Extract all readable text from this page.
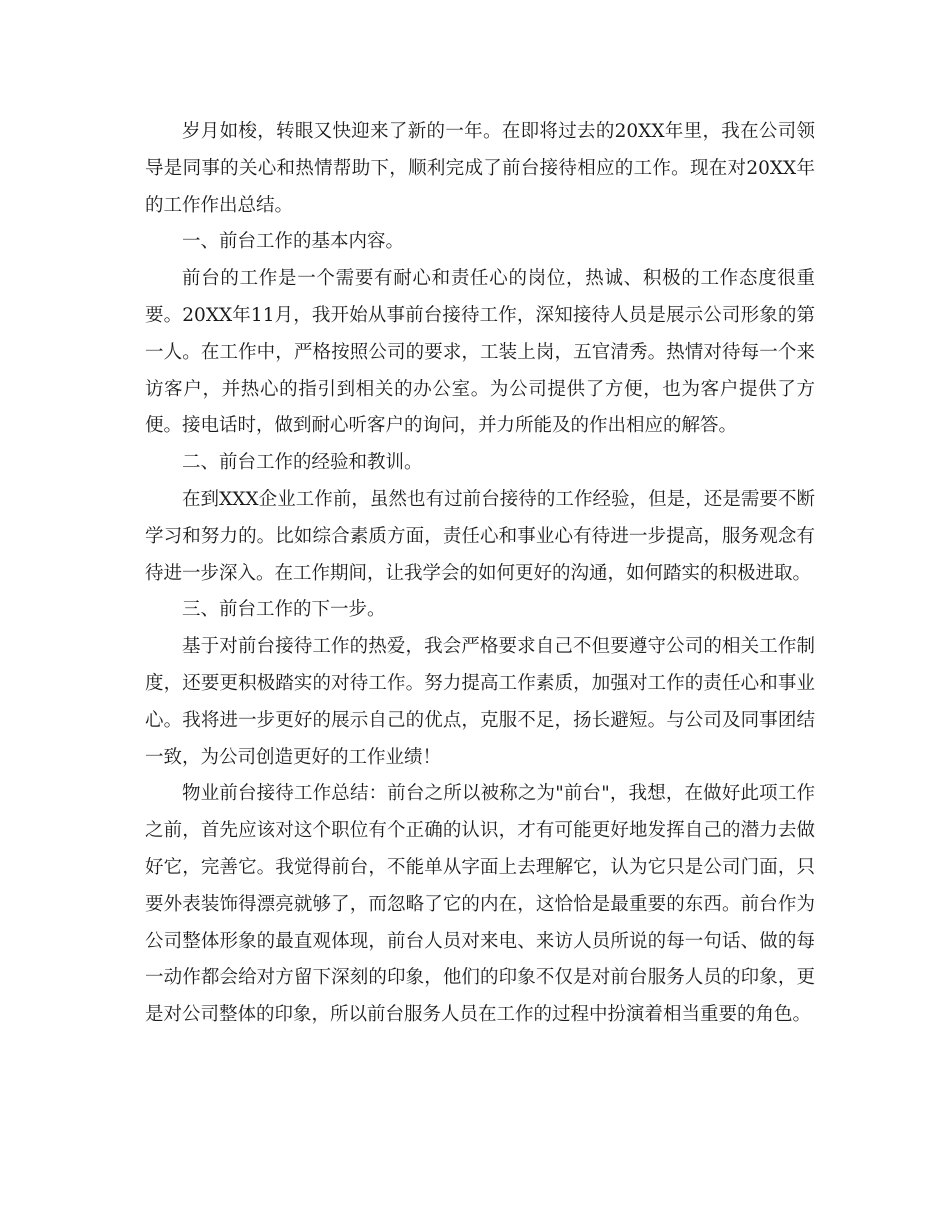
岁月如梭，转眼又快迎来了新的一年。在即将过去的20XX年里，我在公司领导是同事的关心和热情帮助下，顺利完成了前台接待相应的工作。现在对20XX年的工作作出总结。

一、前台工作的基本内容。

前台的工作是一个需要有耐心和责任心的岗位，热诚、积极的工作态度很重要。20XX年11月，我开始从事前台接待工作，深知接待人员是展示公司形象的第一人。在工作中，严格按照公司的要求，工装上岗，五官清秀。热情对待每一个来访客户，并热心的指引到相关的办公室。为公司提供了方便，也为客户提供了方便。接电话时，做到耐心听客户的询问，并力所能及的作出相应的解答。

二、前台工作的经验和教训。

在到XXX企业工作前，虽然也有过前台接待的工作经验，但是，还是需要不断学习和努力的。比如综合素质方面，责任心和事业心有待进一步提高，服务观念有待进一步深入。在工作期间，让我学会的如何更好的沟通，如何踏实的积极进取。

三、前台工作的下一步。

基于对前台接待工作的热爱，我会严格要求自己不但要遵守公司的相关工作制度，还要更积极踏实的对待工作。努力提高工作素质，加强对工作的责任心和事业心。我将进一步更好的展示自己的优点，克服不足，扬长避短。与公司及同事团结一致，为公司创造更好的工作业绩！

物业前台接待工作总结：前台之所以被称之为"前台"，我想，在做好此项工作之前，首先应该对这个职位有个正确的认识，才有可能更好地发挥自己的潜力去做好它，完善它。我觉得前台，不能单从字面上去理解它，认为它只是公司门面，只要外表装饰得漂亮就够了，而忽略了它的内在，这恰恰是最重要的东西。前台作为公司整体形象的最直观体现，前台人员对来电、来访人员所说的每一句话、做的每一动作都会给对方留下深刻的印象，他们的印象不仅是对前台服务人员的印象，更是对公司整体的印象，所以前台服务人员在工作的过程中扮演着相当重要的角色。
